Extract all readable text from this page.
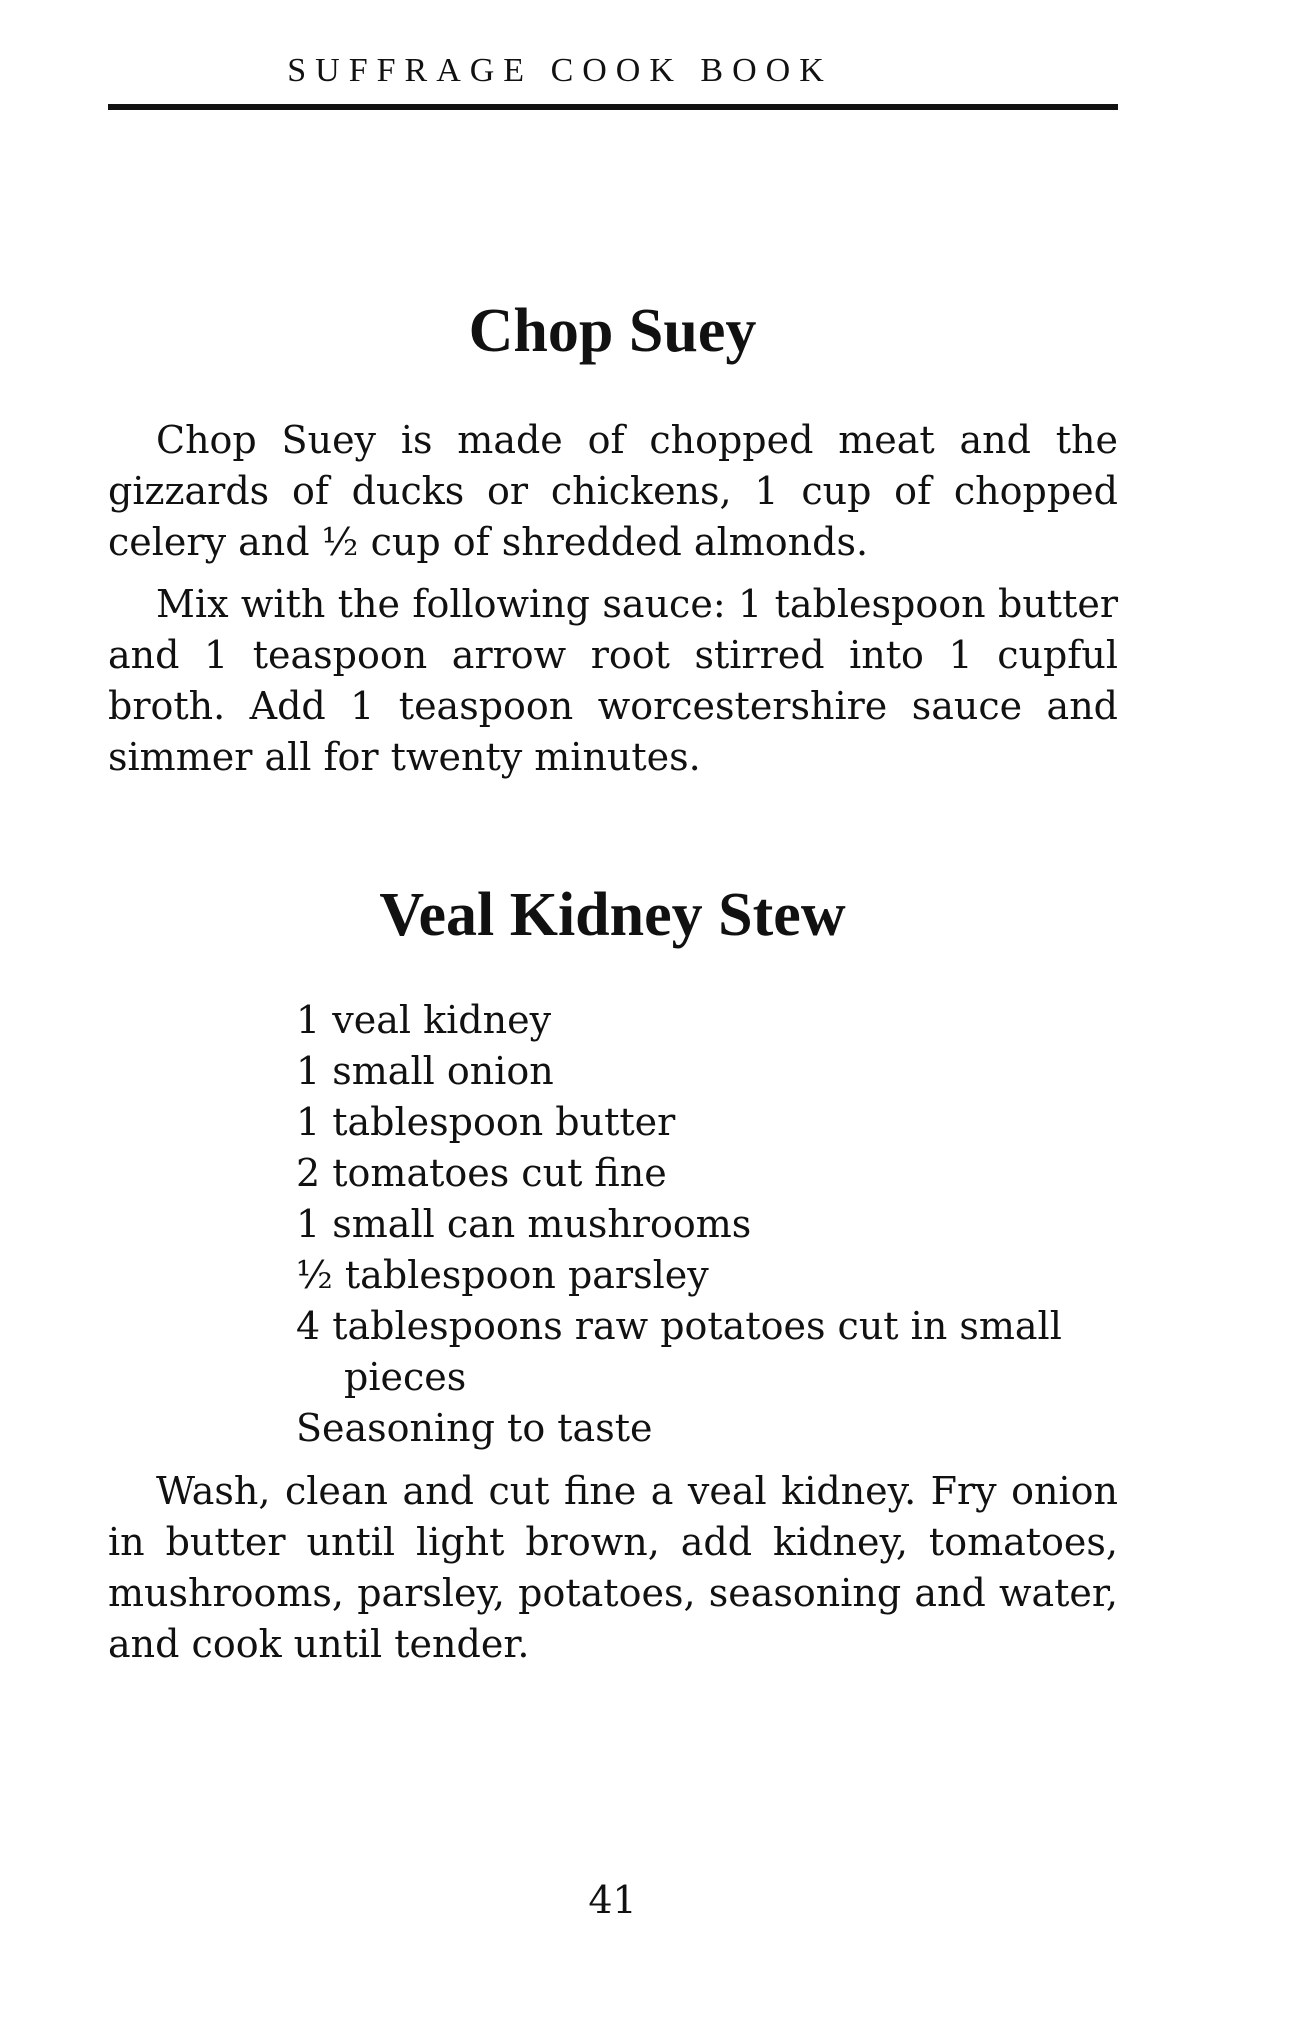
SUFFRAGE COOK BOOK
Chop Suey

Chop Suey is made of chopped meat and the gizzards of ducks or chickens, 1 cup of chopped celery and ½ cup of shredded almonds.

Mix with the following sauce: 1 tablespoon butter and 1 teaspoon arrow root stirred into 1 cupful broth. Add 1 teaspoon worcestershire sauce and simmer all for twenty minutes.

Veal Kidney Stew
1 veal kidney
1 small onion
1 tablespoon butter
2 tomatoes cut fine
1 small can mushrooms
½ tablespoon parsley
4 tablespoons raw potatoes cut in small pieces
Seasoning to taste

Wash, clean and cut fine a veal kidney. Fry onion in butter until light brown, add kidney, tomatoes, mushrooms, parsley, potatoes, seasoning and water, and cook until tender.

41
